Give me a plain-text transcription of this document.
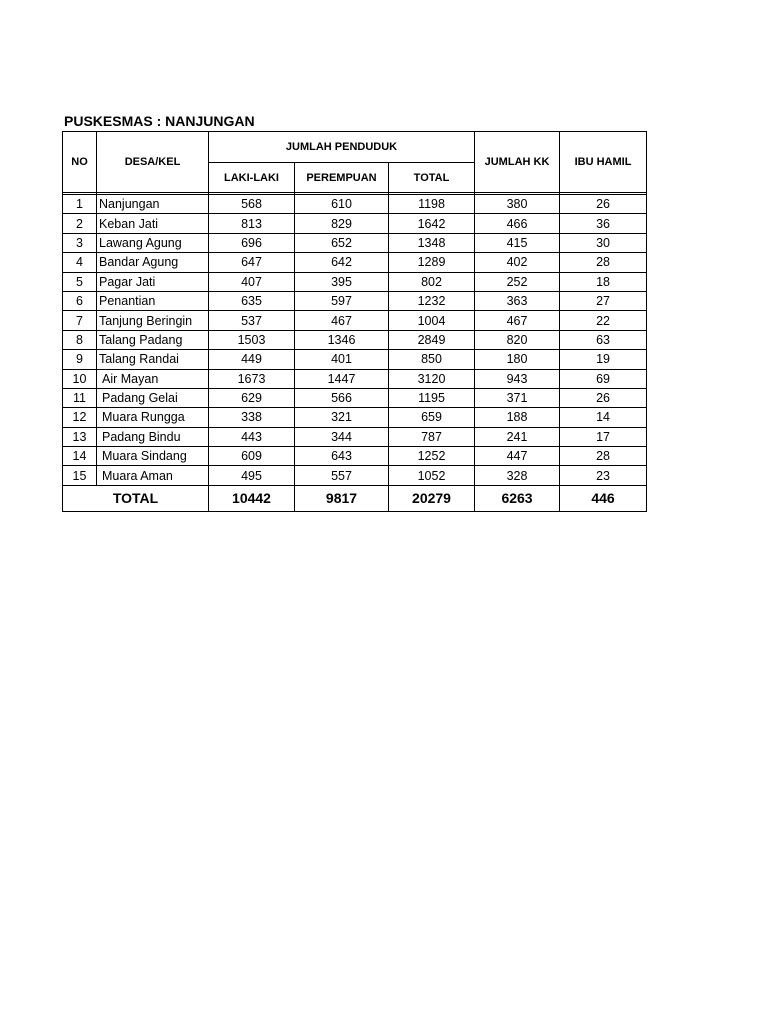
PUSKESMAS : NANJUNGAN
NO	DESA/KEL	JUMLAH PENDUDUK			JUMLAH KK	IBU HAMIL
		LAKI-LAKI	PEREMPUAN	TOTAL		

1	Nanjungan	568	610	1198	380	26
2	Keban Jati	813	829	1642	466	36
3	Lawang Agung	696	652	1348	415	30
4	Bandar Agung	647	642	1289	402	28
5	Pagar Jati	407	395	802	252	18
6	Penantian	635	597	1232	363	27
7	Tanjung Beringin	537	467	1004	467	22
8	Talang Padang	1503	1346	2849	820	63
9	Talang Randai	449	401	850	180	19
10	Air Mayan	1673	1447	3120	943	69
11	Padang Gelai	629	566	1195	371	26
12	Muara Rungga	338	321	659	188	14
13	Padang Bindu	443	344	787	241	17
14	Muara Sindang	609	643	1252	447	28
15	Muara Aman	495	557	1052	328	23
TOTAL		10442	9817	20279	6263	446
